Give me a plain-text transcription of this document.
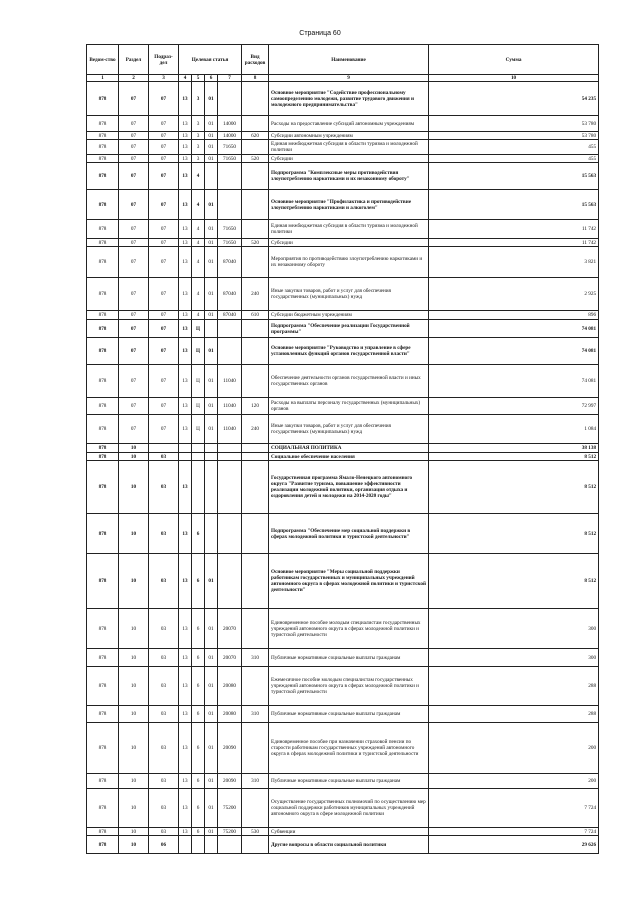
Страница 60
Ведом-ство	Раздел	Подраз-дел	Целевая статья				Вид расходов	Наименование	Сумма
1	2	3	4	5	6	7	8	9	10
878	07	07	13	3	01			Основное мероприятие "Содействие профессиональному самоопределению молодежи, развитие трудового движения и молодежного предпринимательства"	54 235
878	07	07	13	3	01	14000		Расходы на предоставление субсидий автономным учреждениям	53 780
878	07	07	13	3	01	14000	620	Субсидии автономным учреждениям	53 780
878	07	07	13	3	01	71650		Единая межбюджетная субсидия в области туризма и молодежной политики	455
878	07	07	13	3	01	71650	520	Субсидии	455
878	07	07	13	4				Подпрограмма "Комплексные меры противодействия злоупотреблению наркотиками и их незаконному обороту"	15 563
878	07	07	13	4	01			Основное мероприятие "Профилактика и противодействие злоупотреблению наркотиками и алкоголем"	15 563
878	07	07	13	4	01	71650		Единая межбюджетная субсидия в области туризма и молодежной политики	11 742
878	07	07	13	4	01	71650	520	Субсидии	11 742
878	07	07	13	4	01	87040		Мероприятия по противодействию злоупотреблению наркотиками и их незаконному обороту	3 821
878	07	07	13	4	01	87040	240	Иные закупки товаров, работ и услуг для обеспечения государственных (муниципальных) нужд	2 925
878	07	07	13	4	01	87040	610	Субсидии бюджетным учреждениям	896
878	07	07	13	Ц				Подпрограмма "Обеспечение реализации Государственной программы"	74 081
878	07	07	13	Ц	01			Основное мероприятие "Руководство и управление в сфере установленных функций органов государственной власти"	74 081
878	07	07	13	Ц	01	11040		Обеспечение деятельности органов государственной власти и иных государственных органов	74 081
878	07	07	13	Ц	01	11040	120	Расходы на выплаты персоналу государственных (муниципальных) органов	72 997
878	07	07	13	Ц	01	11040	240	Иные закупки товаров, работ и услуг для обеспечения государственных (муниципальных) нужд	1 084
878	10							СОЦИАЛЬНАЯ ПОЛИТИКА	38 138
878	10	03						Социальное обеспечение населения	8 512
878	10	03	13					Государственная программа Ямало-Ненецкого автономного округа "Развитие туризма, повышение эффективности реализации молодежной политики, организация отдыха и оздоровления детей и молодежи на 2014-2020 годы"	8 512
878	10	03	13	6				Подпрограмма "Обеспечение мер социальной поддержки в сферах молодежной политики и туристской деятельности"	8 512
878	10	03	13	6	01			Основное мероприятие "Меры социальной поддержки работникам государственных и муниципальных учреждений автономного округа в сферах молодежной политики и туристской деятельности"	8 512
878	10	03	13	6	01	20070		Единовременное пособие молодым специалистам государственных учреждений автономного округа в сферах молодежной политики и туристской деятельности	300
878	10	03	13	6	01	20070	310	Публичные нормативные социальные выплаты гражданам	300
878	10	03	13	6	01	20080		Ежемесячное пособие молодым специалистам государственных учреждений автономного округа в сферах молодежной политики и туристской деятельности	288
878	10	03	13	6	01	20080	310	Публичные нормативные социальные выплаты гражданам	288
878	10	03	13	6	01	20090		Единовременное пособие при назначении страховой пенсии по старости работникам государственных учреждений автономного округа в сферах молодежной политики и туристской деятельности	200
878	10	03	13	6	01	20090	310	Публичные нормативные социальные выплаты гражданам	200
878	10	03	13	6	01	75200		Осуществление государственных полномочий по осуществлению мер социальной поддержки работников муниципальных учреждений автономного округа в сфере молодежной политики	7 724
878	10	03	13	6	01	75200	530	Субвенции	7 724
878	10	06						Другие вопросы в области социальной политики	29 626
